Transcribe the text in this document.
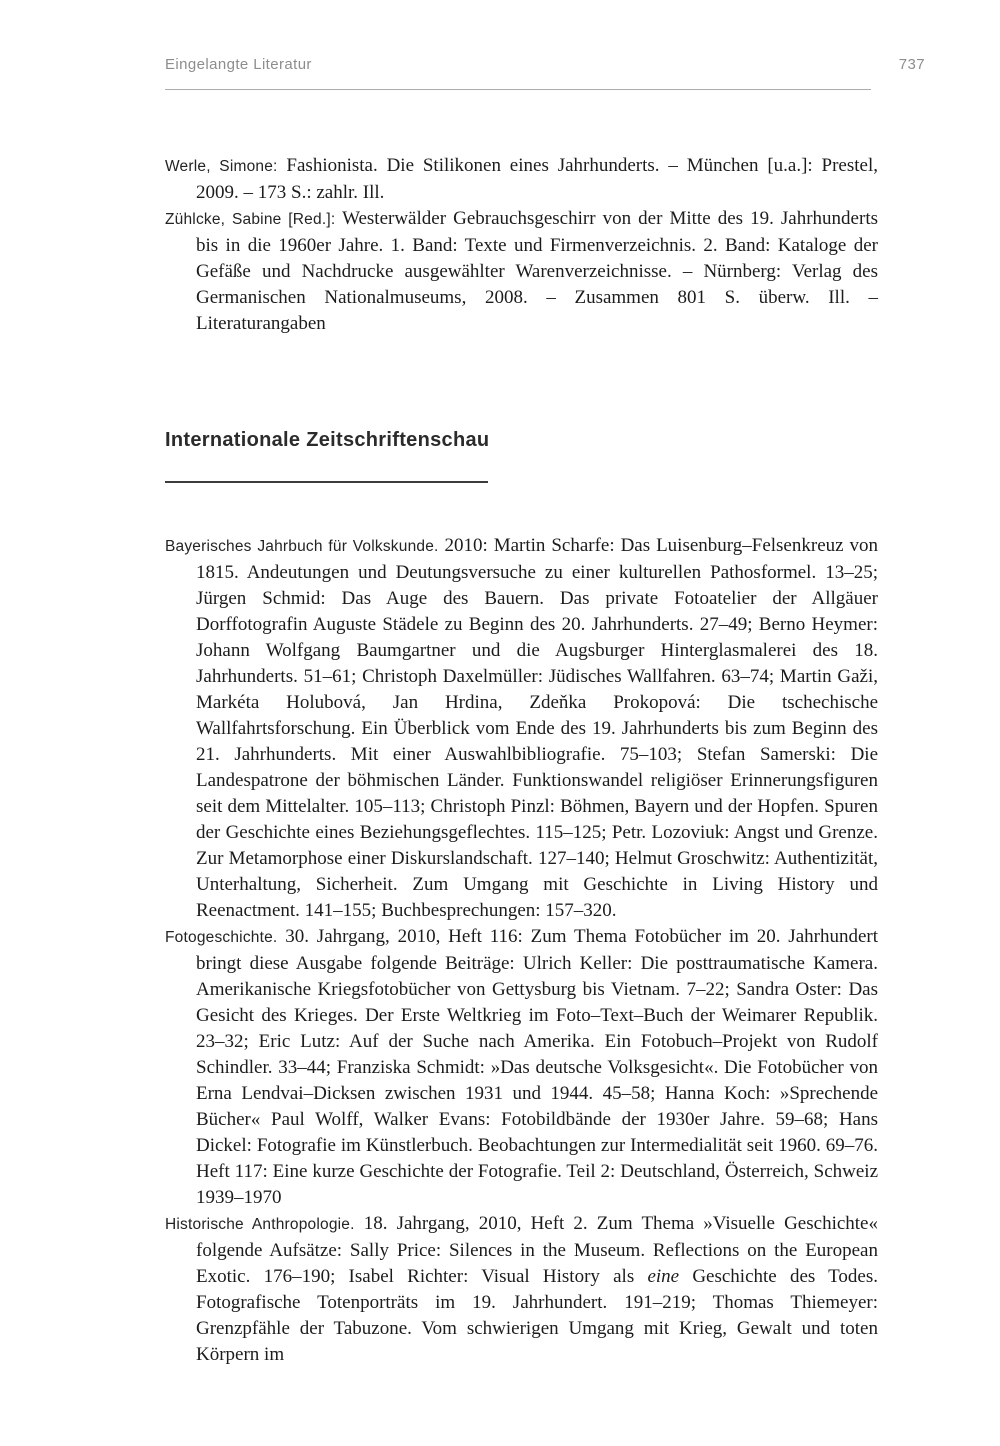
Eingelangte Literatur	737

Werle, Simone: Fashionista. Die Stilikonen eines Jahrhunderts. – München [u.a.]: Prestel, 2009. – 173 S.: zahlr. Ill.

Zühlcke, Sabine [Red.]: Westerwälder Gebrauchsgeschirr von der Mitte des 19. Jahrhunderts bis in die 1960er Jahre. 1. Band: Texte und Firmenverzeichnis. 2. Band: Kataloge der Gefäße und Nachdrucke ausgewählter Warenverzeichnisse. – Nürnberg: Verlag des Germanischen Nationalmuseums, 2008. – Zusammen 801 S. überw. Ill. – Literaturangaben

Internationale Zeitschriftenschau

Bayerisches Jahrbuch für Volkskunde. 2010: Martin Scharfe: Das Luisenburg–Felsenkreuz von 1815. Andeutungen und Deutungsversuche zu einer kulturellen Pathosformel. 13–25; Jürgen Schmid: Das Auge des Bauern. Das private Fotoatelier der Allgäuer Dorffotografin Auguste Städele zu Beginn des 20. Jahrhunderts. 27–49; Berno Heymer: Johann Wolfgang Baumgartner und die Augsburger Hinterglasmalerei des 18. Jahrhunderts. 51–61; Christoph Daxelmüller: Jüdisches Wallfahren. 63–74; Martin Gaži, Markéta Holubová, Jan Hrdina, Zdeňka Prokopová: Die tschechische Wallfahrtsforschung. Ein Überblick vom Ende des 19. Jahrhunderts bis zum Beginn des 21. Jahrhunderts. Mit einer Auswahlbibliografie. 75–103; Stefan Samerski: Die Landespatrone der böhmischen Länder. Funktionswandel religiöser Erinnerungsfiguren seit dem Mittelalter. 105–113; Christoph Pinzl: Böhmen, Bayern und der Hopfen. Spuren der Geschichte eines Beziehungsgeflechtes. 115–125; Petr. Lozoviuk: Angst und Grenze. Zur Metamorphose einer Diskurslandschaft. 127–140; Helmut Groschwitz: Authentizität, Unterhaltung, Sicherheit. Zum Umgang mit Geschichte in Living History und Reenactment. 141–155; Buchbesprechungen: 157–320.

Fotogeschichte. 30. Jahrgang, 2010, Heft 116: Zum Thema Fotobücher im 20. Jahrhundert bringt diese Ausgabe folgende Beiträge: Ulrich Keller: Die posttraumatische Kamera. Amerikanische Kriegsfotobücher von Gettysburg bis Vietnam. 7–22; Sandra Oster: Das Gesicht des Krieges. Der Erste Weltkrieg im Foto–Text–Buch der Weimarer Republik. 23–32; Eric Lutz: Auf der Suche nach Amerika. Ein Fotobuch–Projekt von Rudolf Schindler. 33–44; Franziska Schmidt: »Das deutsche Volksgesicht«. Die Fotobücher von Erna Lendvai–Dicksen zwischen 1931 und 1944. 45–58; Hanna Koch: »Sprechende Bücher« Paul Wolff, Walker Evans: Fotobildbände der 1930er Jahre. 59–68; Hans Dickel: Fotografie im Künstlerbuch. Beobachtungen zur Intermedialität seit 1960. 69–76. Heft 117: Eine kurze Geschichte der Fotografie. Teil 2: Deutschland, Österreich, Schweiz 1939–1970

Historische Anthropologie. 18. Jahrgang, 2010, Heft 2. Zum Thema »Visuelle Geschichte« folgende Aufsätze: Sally Price: Silences in the Museum. Reflections on the European Exotic. 176–190; Isabel Richter: Visual History als eine Geschichte des Todes. Fotografische Totenporträts im 19. Jahrhundert. 191–219; Thomas Thiemeyer: Grenzpfähle der Tabuzone. Vom schwierigen Umgang mit Krieg, Gewalt und toten Körpern im
